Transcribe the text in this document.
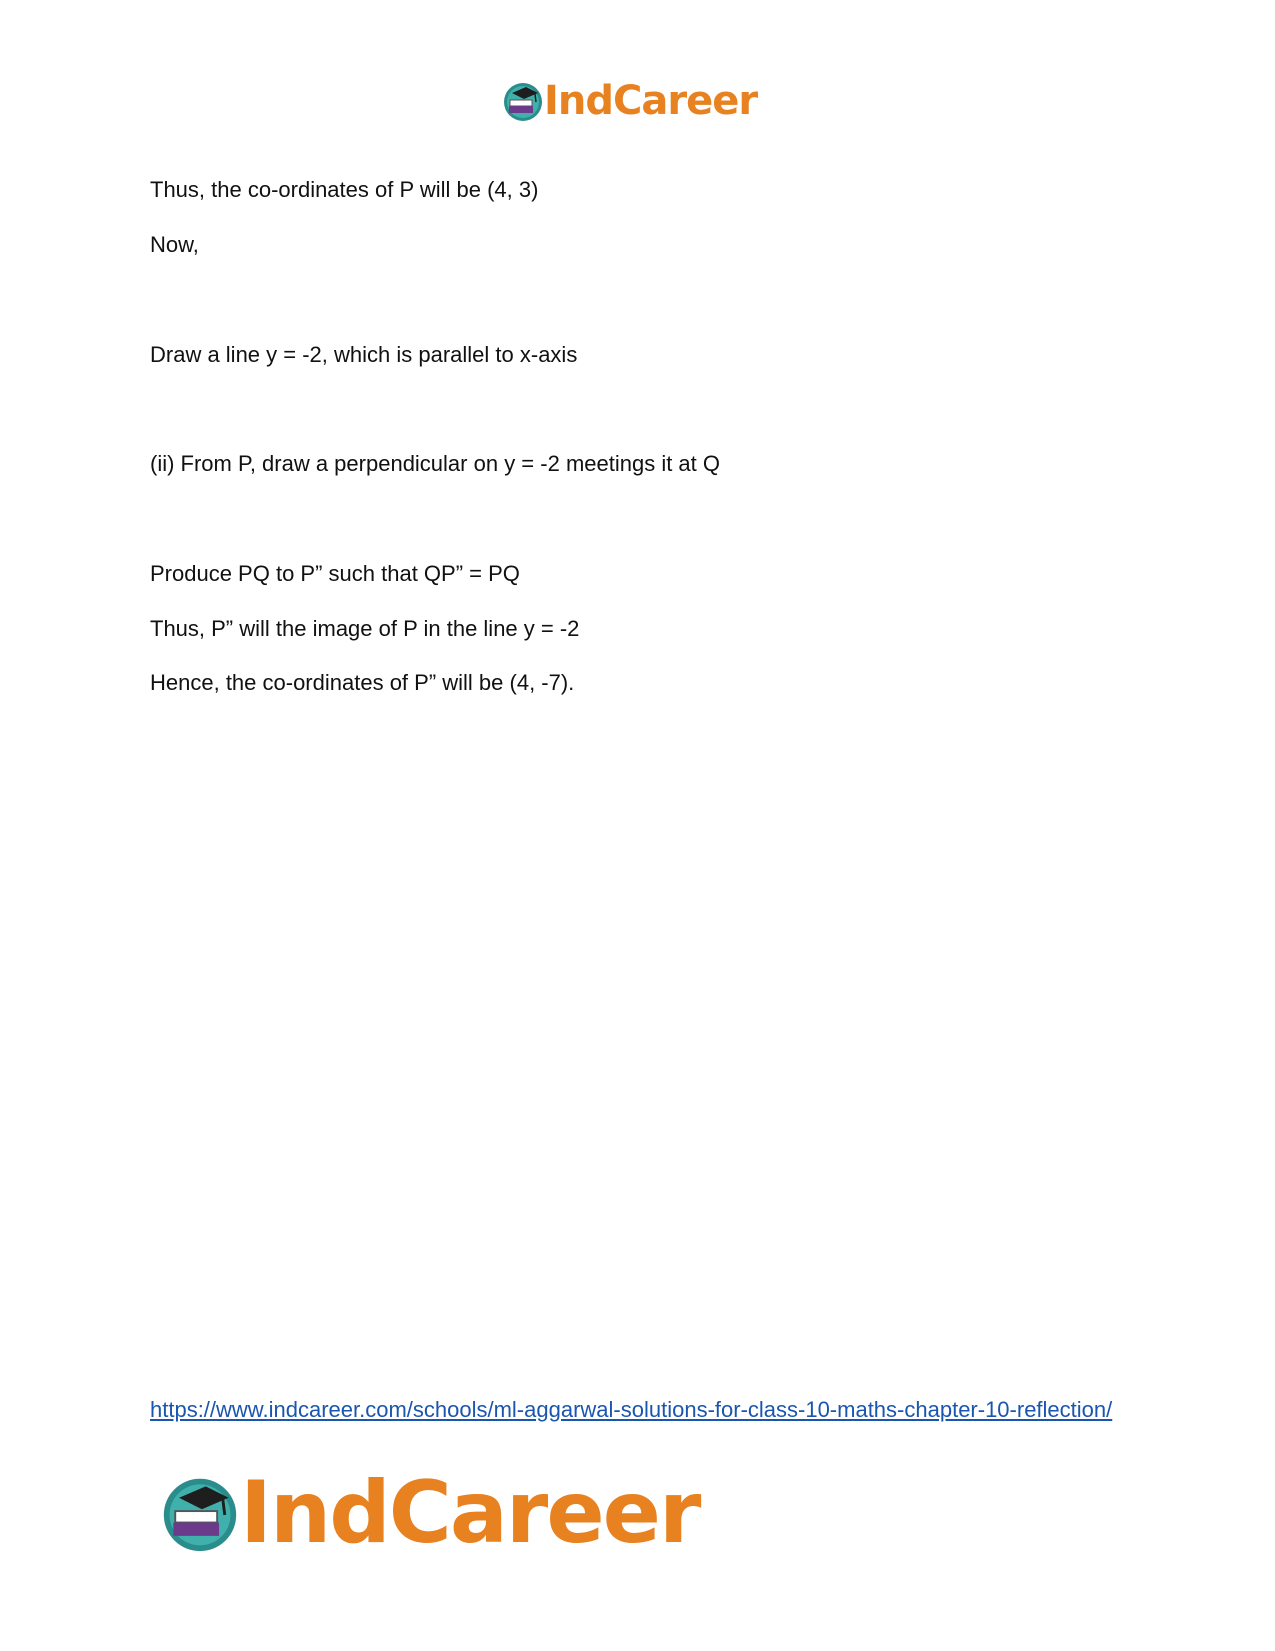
IndCareer

Thus, the co-ordinates of P will be (4, 3)

Now,

Draw a line y = -2, which is parallel to x-axis

(ii) From P, draw a perpendicular on y = -2 meetings it at Q

Produce PQ to P” such that QP” = PQ

Thus, P” will the image of P in the line y = -2

Hence, the co-ordinates of P” will be (4, -7).

https://www.indcareer.com/schools/ml-aggarwal-solutions-for-class-10-maths-chapter-10-reflection/
IndCareer
